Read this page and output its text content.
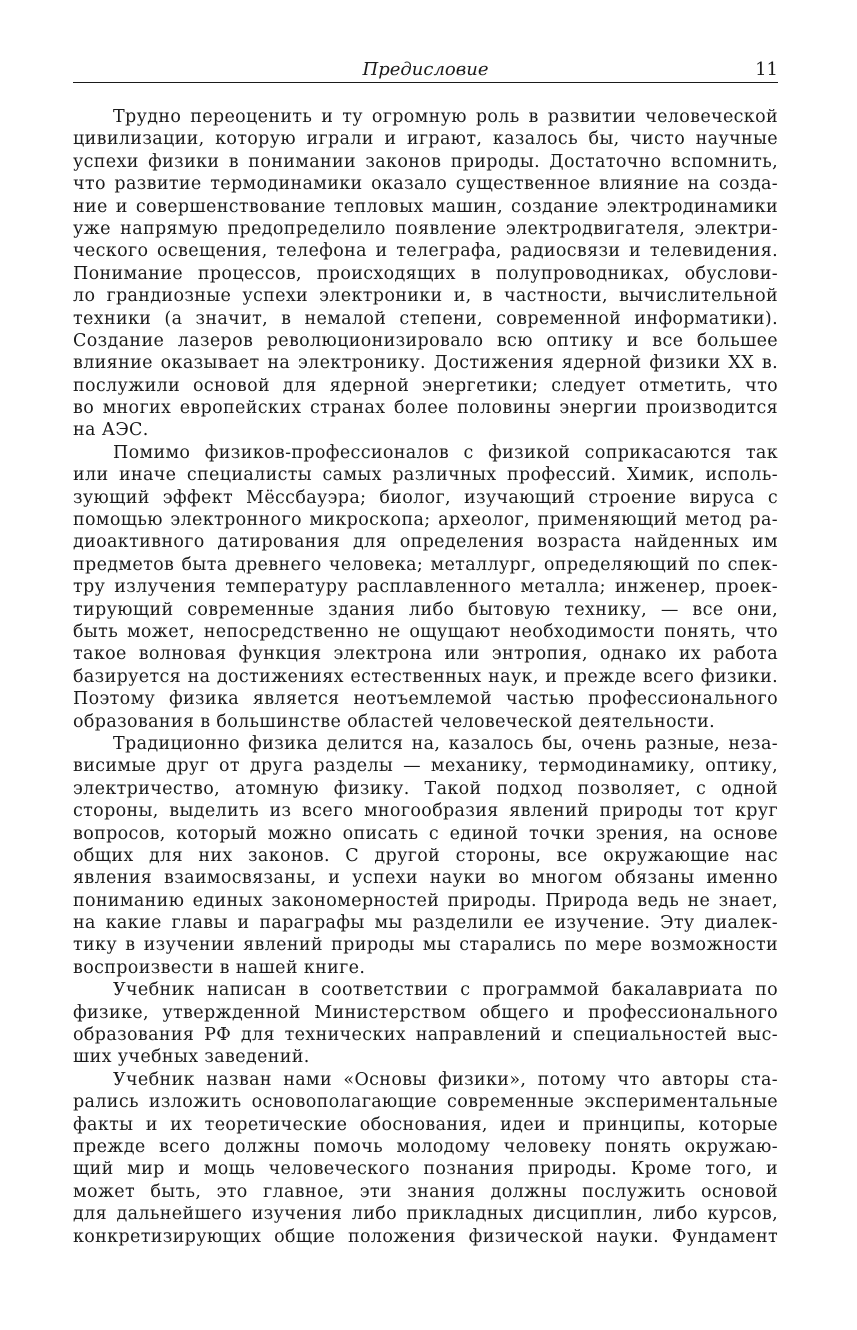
Предисловие	11
Трудно переоценить и ту огромную роль в развитии человеческой
цивилизации, которую играли и играют, казалось бы, чисто научные
успехи физики в понимании законов природы. Достаточно вспомнить,
что развитие термодинамики оказало существенное влияние на созда-
ние и совершенствование тепловых машин, создание электродинамики
уже напрямую предопределило появление электродвигателя, электри-
ческого освещения, телефона и телеграфа, радиосвязи и телевидения.
Понимание процессов, происходящих в полупроводниках, обуслови-
ло грандиозные успехи электроники и, в частности, вычислительной
техники (а значит, в немалой степени, современной информатики).
Создание лазеров революционизировало всю оптику и все большее
влияние оказывает на электронику. Достижения ядерной физики XX в.
послужили основой для ядерной энергетики; следует отметить, что
во многих европейских странах более половины энергии производится
на АЭС.
Помимо физиков-профессионалов с физикой соприкасаются так
или иначе специалисты самых различных профессий. Химик, исполь-
зующий эффект Мёссбауэра; биолог, изучающий строение вируса с
помощью электронного микроскопа; археолог, применяющий метод ра-
диоактивного датирования для определения возраста найденных им
предметов быта древнего человека; металлург, определяющий по спек-
тру излучения температуру расплавленного металла; инженер, проек-
тирующий современные здания либо бытовую технику, — все они,
быть может, непосредственно не ощущают необходимости понять, что
такое волновая функция электрона или энтропия, однако их работа
базируется на достижениях естественных наук, и прежде всего физики.
Поэтому физика является неотъемлемой частью профессионального
образования в большинстве областей человеческой деятельности.
Традиционно физика делится на, казалось бы, очень разные, неза-
висимые друг от друга разделы — механику, термодинамику, оптику,
электричество, атомную физику. Такой подход позволяет, с одной
стороны, выделить из всего многообразия явлений природы тот круг
вопросов, который можно описать с единой точки зрения, на основе
общих для них законов. С другой стороны, все окружающие нас
явления взаимосвязаны, и успехи науки во многом обязаны именно
пониманию единых закономерностей природы. Природа ведь не знает,
на какие главы и параграфы мы разделили ее изучение. Эту диалек-
тику в изучении явлений природы мы старались по мере возможности
воспроизвести в нашей книге.
Учебник написан в соответствии с программой бакалавриата по
физике, утвержденной Министерством общего и профессионального
образования РФ для технических направлений и специальностей выс-
ших учебных заведений.
Учебник назван нами «Основы физики», потому что авторы ста-
рались изложить основополагающие современные экспериментальные
факты и их теоретические обоснования, идеи и принципы, которые
прежде всего должны помочь молодому человеку понять окружаю-
щий мир и мощь человеческого познания природы. Кроме того, и
может быть, это главное, эти знания должны послужить основой
для дальнейшего изучения либо прикладных дисциплин, либо курсов,
конкретизирующих общие положения физической науки. Фундамент
